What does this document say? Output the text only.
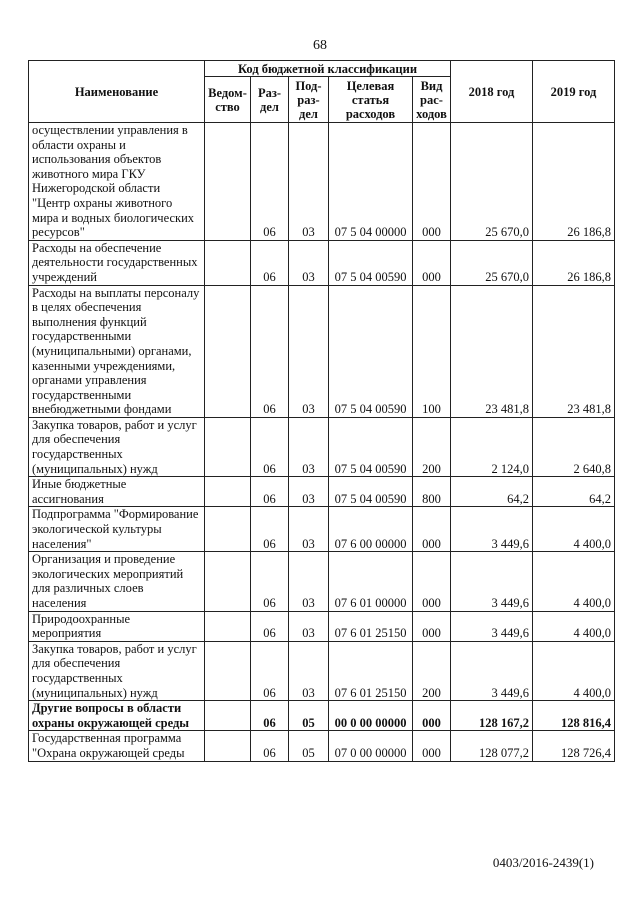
68
Наименование	Код бюджетной классификации					2018 год	2019 год
	Ведом-ство	Раз-дел	Под-раз-дел	Целевая статья расходов	Вид рас-ходов		
осуществлении управления в области охраны и использования объектов животного мира ГКУ Нижегородской области "Центр охраны животного мира и водных биологических ресурсов"		06	03	07 5 04 00000	000	25 670,0	26 186,8
Расходы на обеспечение деятельности государственных учреждений		06	03	07 5 04 00590	000	25 670,0	26 186,8
Расходы на выплаты персоналу в целях обеспечения выполнения функций государственными (муниципальными) органами, казенными учреждениями, органами управления государственными внебюджетными фондами		06	03	07 5 04 00590	100	23 481,8	23 481,8
Закупка товаров, работ и услуг для обеспечения государственных (муниципальных) нужд		06	03	07 5 04 00590	200	2 124,0	2 640,8
Иные бюджетные ассигнования		06	03	07 5 04 00590	800	64,2	64,2
Подпрограмма "Формирование экологической культуры населения"		06	03	07 6 00 00000	000	3 449,6	4 400,0
Организация и проведение экологических мероприятий для различных слоев населения		06	03	07 6 01 00000	000	3 449,6	4 400,0
Природоохранные мероприятия		06	03	07 6 01 25150	000	3 449,6	4 400,0
Закупка товаров, работ и услуг для обеспечения государственных (муниципальных) нужд		06	03	07 6 01 25150	200	3 449,6	4 400,0
Другие вопросы в области охраны окружающей среды		06	05	00 0 00 00000	000	128 167,2	128 816,4
Государственная программа "Охрана окружающей среды		06	05	07 0 00 00000	000	128 077,2	128 726,4
0403/2016-2439(1)
